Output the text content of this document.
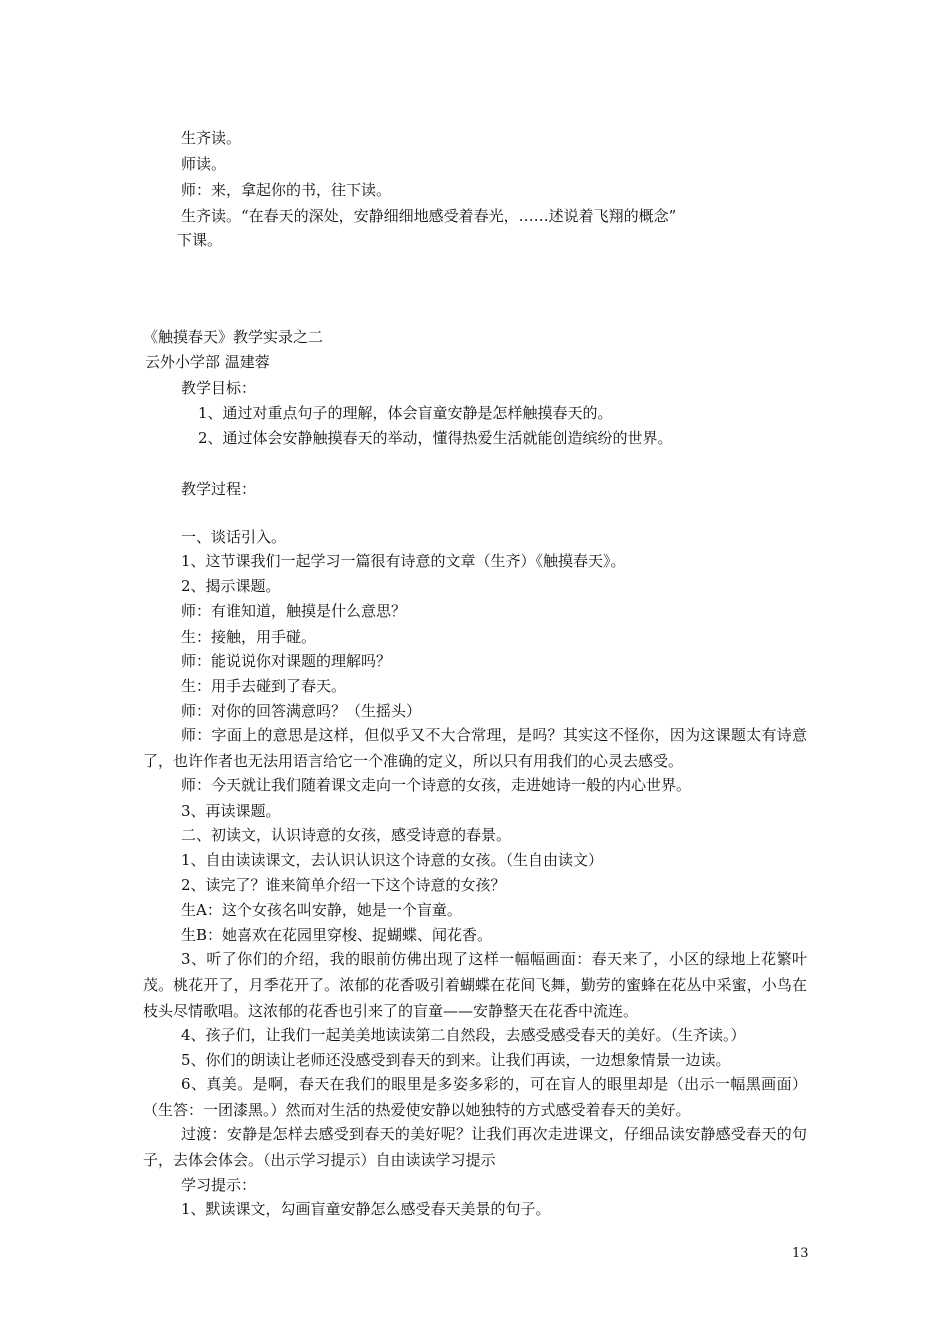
生齐读。
师读。
师：来，拿起你的书，往下读。
生齐读。“在春天的深处，安静细细地感受着春光，……述说着飞翔的概念”
下课。
《触摸春天》教学实录之二
云外小学部 温建蓉
教学目标：
1、通过对重点句子的理解，体会盲童安静是怎样触摸春天的。
2、通过体会安静触摸春天的举动，懂得热爱生活就能创造缤纷的世界。
教学过程：
一、谈话引入。
1、这节课我们一起学习一篇很有诗意的文章（生齐）《触摸春天》。
2、揭示课题。
师：有谁知道，触摸是什么意思？
生：接触，用手碰。
师：能说说你对课题的理解吗？
生：用手去碰到了春天。
师：对你的回答满意吗？（生摇头）
师：字面上的意思是这样，但似乎又不大合常理，是吗？其实这不怪你，因为这课题太有诗意了，也许作者也无法用语言给它一个准确的定义，所以只有用我们的心灵去感受。
师：今天就让我们随着课文走向一个诗意的女孩，走进她诗一般的内心世界。
3、再读课题。
二、初读文，认识诗意的女孩，感受诗意的春景。
1、自由读读课文，去认识认识这个诗意的女孩。（生自由读文）
2、读完了？谁来简单介绍一下这个诗意的女孩？
生A：这个女孩名叫安静，她是一个盲童。
生B：她喜欢在花园里穿梭、捉蝴蝶、闻花香。
3、听了你们的介绍，我的眼前仿佛出现了这样一幅幅画面：春天来了，小区的绿地上花繁叶茂。桃花开了，月季花开了。浓郁的花香吸引着蝴蝶在花间飞舞，勤劳的蜜蜂在花丛中采蜜，小鸟在枝头尽情歌唱。这浓郁的花香也引来了的盲童——安静整天在花香中流连。
4、孩子们，让我们一起美美地读读第二自然段，去感受感受春天的美好。（生齐读。）
5、你们的朗读让老师还没感受到春天的到来。让我们再读，一边想象情景一边读。
6、真美。是啊，春天在我们的眼里是多姿多彩的，可在盲人的眼里却是（出示一幅黑画面）（生答：一团漆黑。）然而对生活的热爱使安静以她独特的方式感受着春天的美好。
过渡：安静是怎样去感受到春天的美好呢？让我们再次走进课文，仔细品读安静感受春天的句子，去体会体会。（出示学习提示）自由读读学习提示
学习提示：
1、默读课文，勾画盲童安静怎么感受春天美景的句子。
13
